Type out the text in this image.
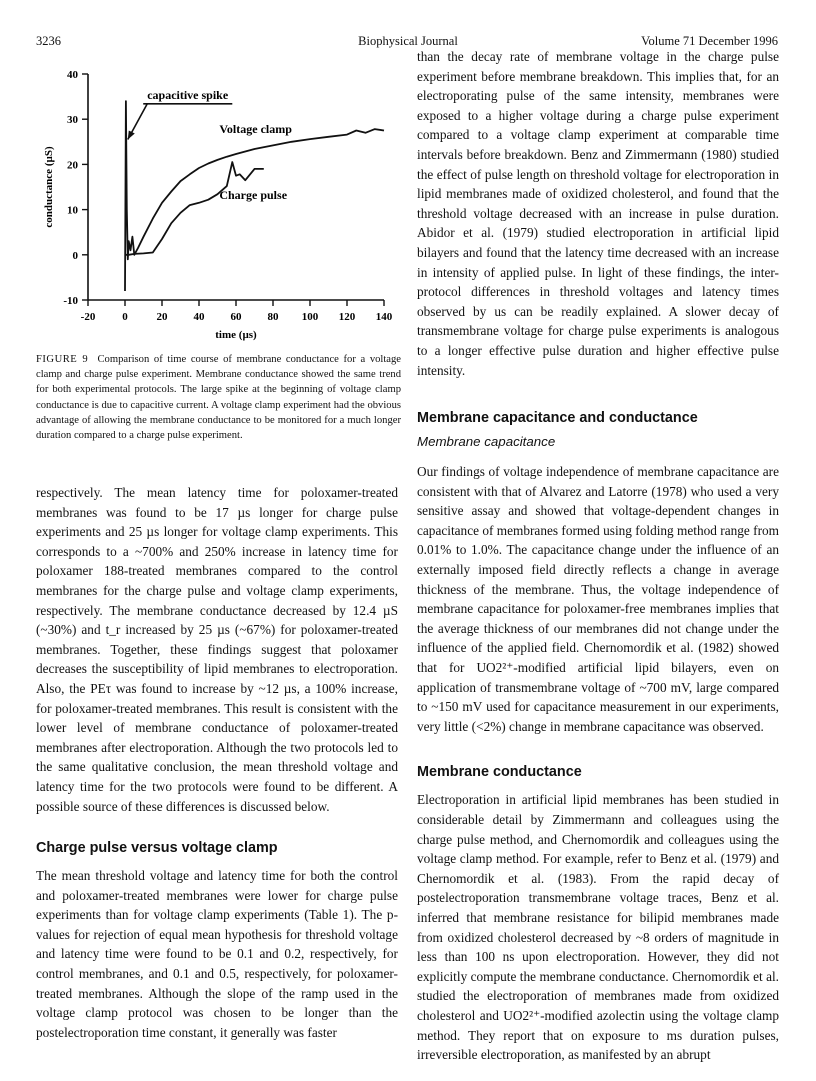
3236	Biophysical Journal	Volume 71 December 1996
-10
0
10
20
30
40
-20 0	20 40 60 80 100 120 140
time (µs)
conductance (µS)
capacitive spike
Voltage clamp
Charge pulse
FIGURE 9 Comparison of time course of membrane conductance for a voltage clamp and charge pulse experiment. Membrane conductance showed the same trend for both experimental protocols. The large spike at the beginning of voltage clamp conductance is due to capacitive current. A voltage clamp experiment had the obvious advantage of allowing the membrane conductance to be monitored for a much longer duration compared to a charge pulse experiment.

respectively. The mean latency time for poloxamer-treated membranes was found to be 17 µs longer for charge pulse experiments and 25 µs longer for voltage clamp experiments. This corresponds to a ~700% and 250% increase in latency time for poloxamer 188-treated membranes compared to the control membranes for the charge pulse and voltage clamp experiments, respectively. The membrane conductance decreased by 12.4 µS (~30%) and t_r increased by 25 µs (~67%) for poloxamer-treated membranes. Together, these findings suggest that poloxamer decreases the susceptibility of lipid membranes to electroporation. Also, the PEτ was found to increase by ~12 µs, a 100% increase, for poloxamer-treated membranes. This result is consistent with the lower level of membrane conductance of poloxamer-treated membranes after electroporation. Although the two protocols led to the same qualitative conclusion, the mean threshold voltage and latency time for the two protocols were found to be different. A possible source of these differences is discussed below.

Charge pulse versus voltage clamp

The mean threshold voltage and latency time for both the control and poloxamer-treated membranes were lower for charge pulse experiments than for voltage clamp experiments (Table 1). The p-values for rejection of equal mean hypothesis for threshold voltage and latency time were found to be 0.1 and 0.2, respectively, for control membranes, and 0.1 and 0.5, respectively, for poloxamer-treated membranes. Although the slope of the ramp used in the voltage clamp protocol was chosen to be longer than the postelectroporation time constant, it generally was faster

than the decay rate of membrane voltage in the charge pulse experiment before membrane breakdown. This implies that, for an electroporating pulse of the same intensity, membranes were exposed to a higher voltage during a charge pulse experiment compared to a voltage clamp experiment at comparable time intervals before breakdown. Benz and Zimmermann (1980) studied the effect of pulse length on threshold voltage for electroporation in lipid membranes made of oxidized cholesterol, and found that the threshold voltage decreased with an increase in pulse duration. Abidor et al. (1979) studied electroporation in artificial lipid bilayers and found that the latency time decreased with an increase in intensity of applied pulse. In light of these findings, the inter-protocol differences in threshold voltages and latency times observed by us can be readily explained. A slower decay of transmembrane voltage for charge pulse experiments is analogous to a longer effective pulse duration and higher effective pulse intensity.

Membrane capacitance and conductance

Membrane capacitance

Our findings of voltage independence of membrane capacitance are consistent with that of Alvarez and Latorre (1978) who used a very sensitive assay and showed that voltage-dependent changes in capacitance of membranes formed using folding method range from 0.01% to 1.0%. The capacitance change under the influence of an externally imposed field directly reflects a change in average thickness of the membrane. Thus, the voltage independence of membrane capacitance for poloxamer-free membranes implies that the average thickness of our membranes did not change under the influence of the applied field. Chernomordik et al. (1982) showed that for UO2²⁺-modified artificial lipid bilayers, even on application of transmembrane voltage of ~700 mV, large compared to ~150 mV used for capacitance measurement in our experiments, very little (<2%) change in membrane capacitance was observed.

Membrane conductance

Electroporation in artificial lipid membranes has been studied in considerable detail by Zimmermann and colleagues using the charge pulse method, and Chernomordik and colleagues using the voltage clamp method. For example, refer to Benz et al. (1979) and Chernomordik et al. (1983). From the rapid decay of postelectroporation transmembrane voltage traces, Benz et al. inferred that membrane resistance for bilipid membranes made from oxidized cholesterol decreased by ~8 orders of magnitude in less than 100 ns upon electroporation. However, they did not explicitly compute the membrane conductance. Chernomordik et al. studied the electroporation of membranes made from oxidized cholesterol and UO2²⁺-modified azolectin using the voltage clamp method. They report that on exposure to ms duration pulses, irreversible electroporation, as manifested by an abrupt
